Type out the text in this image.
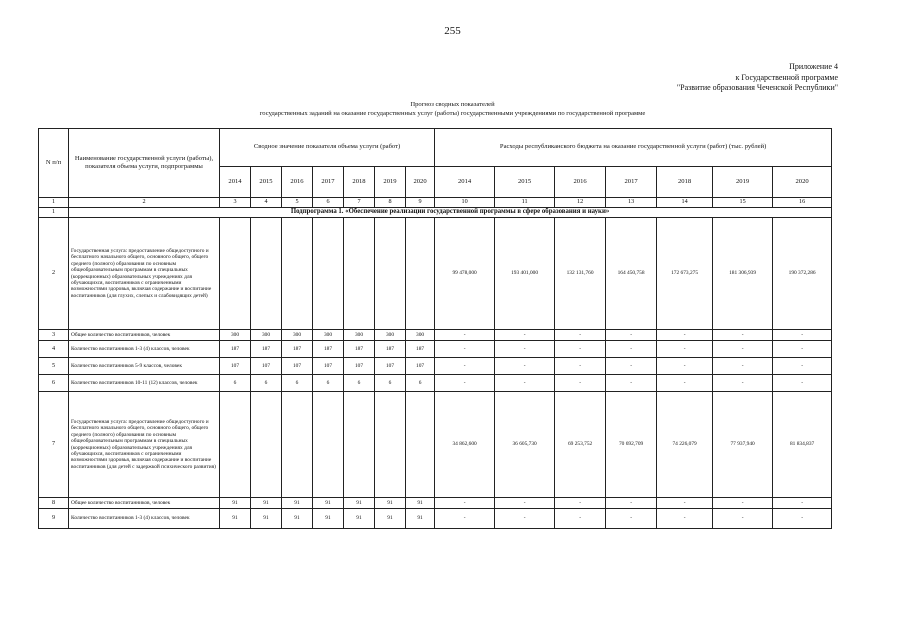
255
Приложение 4
к Государственной программе
"Развитие образования Чеченской Республики"
Прогноз сводных показателей
государственных заданий на оказание государственных услуг (работы) государственными учреждениями по государственной программе
N п/п	Наименование государственной услуги (работы), показателя объема услуги, подпрограммы	Сводное значение показателя объема услуги (работ)							Расходы республиканского бюджета на оказание государственной услуги (работ) (тыс. рублей)						
		2014	2015	2016	2017	2018	2019	2020	2014	2015	2016	2017	2018	2019	2020
1	2	3	4	5	6	7	8	9	10	11	12	13	14	15	16
1	Подпрограмма 1. «Обеспечение реализации государственной программы в сфере образования и науки»														
2	Государственная услуга: предоставление общедоступного и бесплатного начального общего, основного общего, общего среднего (полного) образования по основным общеобразовательным программам в специальных (коррекционных) образовательных учреждениях для обучающихся, воспитанников с ограниченными возможностями здоровья, включая содержание и воспитание воспитанников (для глухих, слепых и слабовидящих детей)								99 478,000	193 401,000	132 131,760	164 450,758	172 673,275	181 306,939	190 372,286
3	Общее количество воспитанников, человек	300	300	300	300	300	300	300	-	-	-	-	-	-	-
4	Количество воспитанников 1-3 (4) классов, человек	187	187	187	187	187	187	187	-	-	-	-	-	-	-
5	Количество воспитанников 5-9 классов, человек	107	107	107	107	107	107	107	-	-	-	-	-	-	-
6	Количество воспитанников 10-11 (12) классов, человек	6	6	6	6	6	6	6	-	-	-	-	-	-	-
7	Государственная услуга: предоставление общедоступного и бесплатного начального общего, основного общего, общего среднего (полного) образования по основным общеобразовательным программам в специальных (коррекционных) образовательных учреждениях для обучающихся, воспитанников с ограниченными возможностями здоровья, включая содержание и воспитание воспитанников (для детей с задержкой психического развития)								34 862,600	36 605,730	69 253,752	70 692,709	74 226,079	77 937,940	81 834,837
8	Общее количество воспитанников, человек	91	91	91	91	91	91	91	-	-	-	-	-	-	-
9	Количество воспитанников 1-3 (4) классов, человек	91	91	91	91	91	91	91	-	-	-	-	-	-	-
